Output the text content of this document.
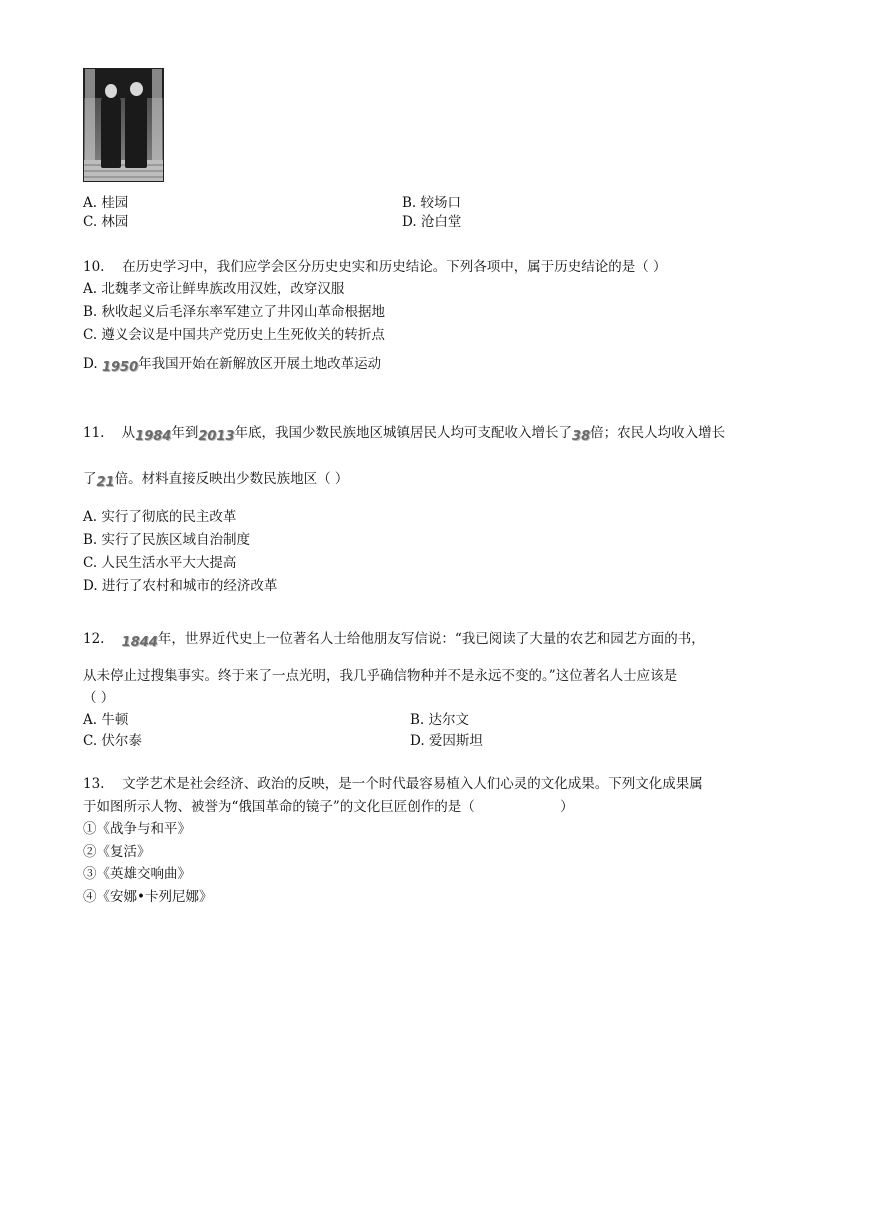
A. 桂园	B. 较场口
C. 林园	D. 沧白堂
10.　 在历史学习中，我们应学会区分历史史实和历史结论。下列各项中，属于历史结论的是（ ）
A. 北魏孝文帝让鲜卑族改用汉姓，改穿汉服
B. 秋收起义后毛泽东率军建立了井冈山革命根据地
C. 遵义会议是中国共产党历史上生死攸关的转折点
D. 1950年我国开始在新解放区开展土地改革运动
11. 从1984年到2013年底，我国少数民族地区城镇居民人均可支配收入增长了38倍；农民人均收入增长
了21倍。材料直接反映出少数民族地区（ ）
A. 实行了彻底的民主改革
B. 实行了民族区域自治制度
C. 人民生活水平大大提高
D. 进行了农村和城市的经济改革
12. 1844年，世界近代史上一位著名人士给他朋友写信说：“我已阅读了大量的农艺和园艺方面的书，
从未停止过搜集事实。终于来了一点光明，我几乎确信物种并不是永远不变的。”这位著名人士应该是
（ ）
A. 牛顿	B. 达尔文
C. 伏尔泰	D. 爱因斯坦
13.　 文学艺术是社会经济、政治的反映，是一个时代最容易植入人们心灵的文化成果。下列文化成果属
于如图所示人物、被誉为“俄国革命的镜子”的文化巨匠创作的是（　　　　　　 ）
①《战争与和平》
②《复活》
③《英雄交响曲》
④《安娜•卡列尼娜》
